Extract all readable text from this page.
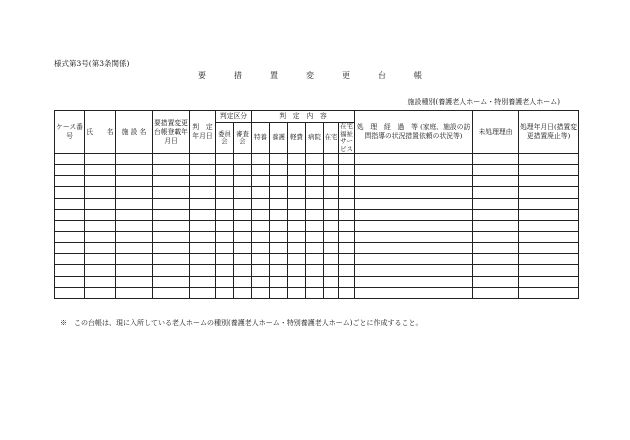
様式第3号(第3条関係)
要　措　置　変　更　台　帳
施設種別(養護老人ホーム・特別養護老人ホーム)
ケース番　号	氏　　名	施 設 名	要措置変更台帳登載年月日	判　定年月日	判定区分		判　定　内　容						処　理　経　過　等 (家庭、施設の訪問指導の状況措置依頼の状況等)	未処理理由	処理年月日(措置変更措置廃止等)
					委員会	審査会	特養	養護	軽費	病院	在宅	在宅福祉サービス			

※　この台帳は、現に入所している老人ホームの種別(養護老人ホーム・特別養護老人ホーム)ごとに作成すること。
